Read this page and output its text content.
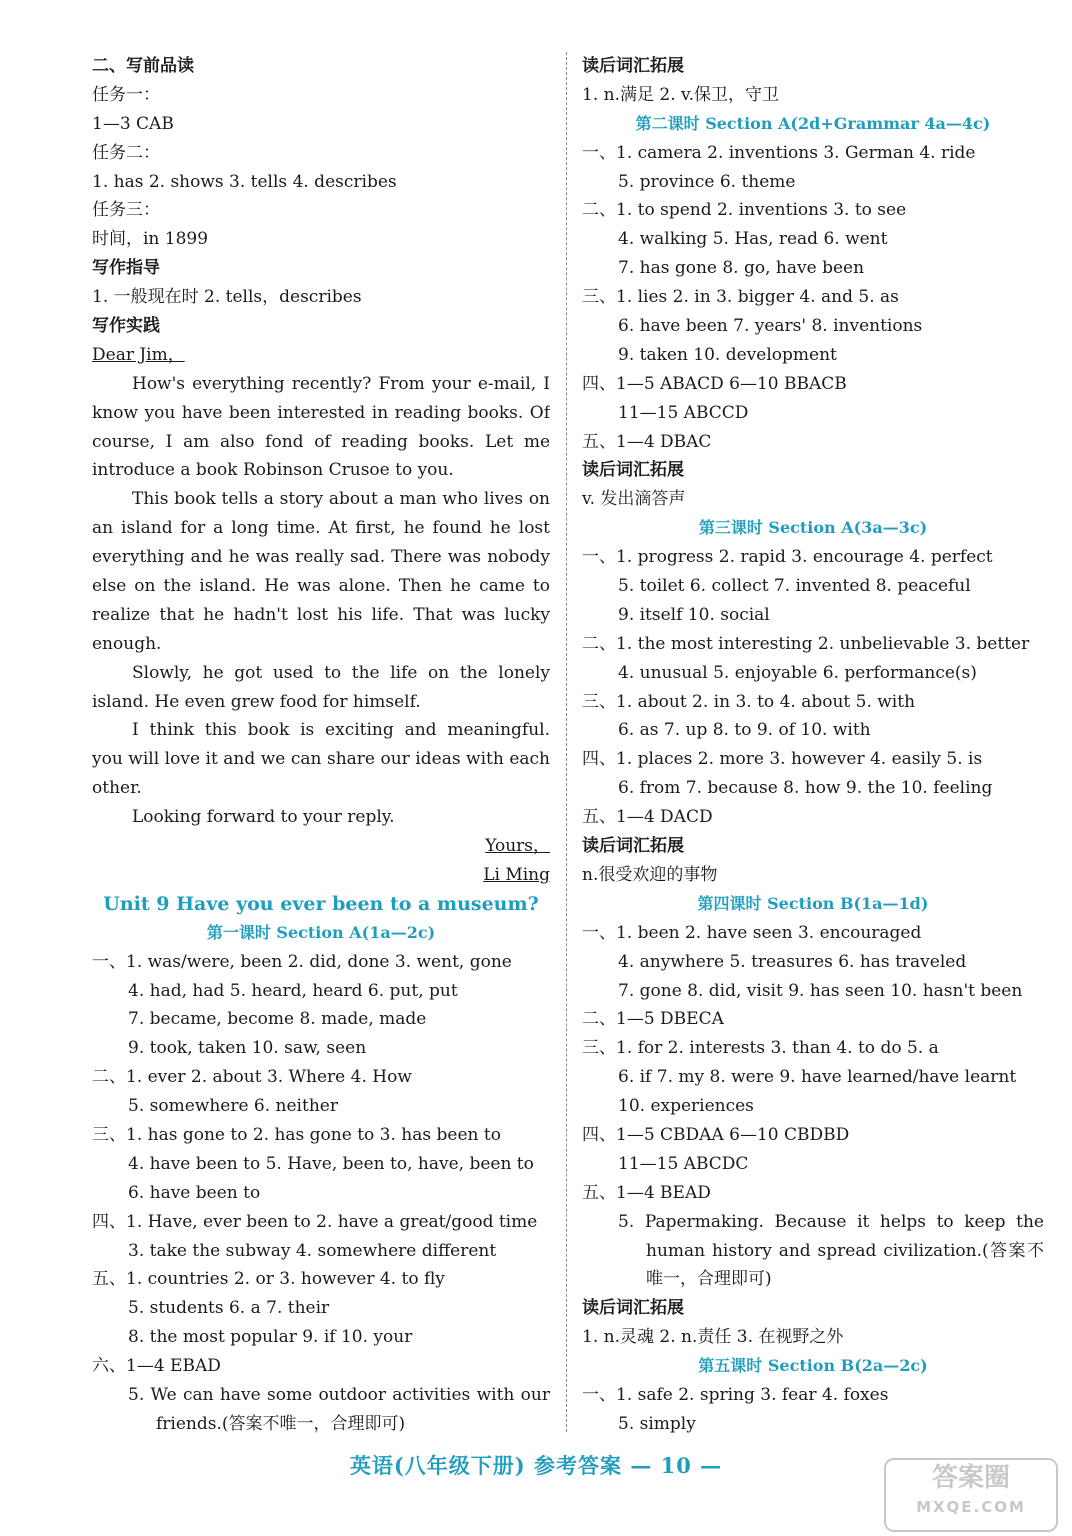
二、写前品读
任务一：
1—3 CAB
任务二：
1. has 2. shows 3. tells 4. describes
任务三：
时间，in 1899
写作指导
1. 一般现在时 2. tells，describes
写作实践
Dear Jim，
How's everything recently? From your e-mail, I
know you have been interested in reading books. Of
course, I am also fond of reading books. Let me
introduce a book Robinson Crusoe to you.
This book tells a story about a man who lives on
an island for a long time. At first, he found he lost
everything and he was really sad. There was nobody
else on the island. He was alone. Then he came to
realize that he hadn't lost his life. That was lucky
enough.
Slowly, he got used to the life on the lonely
island. He even grew food for himself.
I think this book is exciting and meaningful.
you will love it and we can share our ideas with each
other.
Looking forward to your reply.
Yours，
Li Ming
Unit 9 Have you ever been to a museum?
第一课时 Section A(1a—2c)
一、1. was/were, been 2. did, done 3. went, gone
4. had, had 5. heard, heard 6. put, put
7. became, become 8. made, made
9. took, taken 10. saw, seen
二、1. ever 2. about 3. Where 4. How
5. somewhere 6. neither
三、1. has gone to 2. has gone to 3. has been to
4. have been to 5. Have, been to, have, been to
6. have been to
四、1. Have, ever been to 2. have a great/good time
3. take the subway 4. somewhere different
五、1. countries 2. or 3. however 4. to fly
5. students 6. a 7. their
8. the most popular 9. if 10. your
六、1—4 EBAD
5. We can have some outdoor activities with our
friends.(答案不唯一，合理即可)
读后词汇拓展
1. n.满足 2. v.保卫，守卫
第二课时 Section A(2d+Grammar 4a—4c)
一、1. camera 2. inventions 3. German 4. ride
5. province 6. theme
二、1. to spend 2. inventions 3. to see
4. walking 5. Has, read 6. went
7. has gone 8. go, have been
三、1. lies 2. in 3. bigger 4. and 5. as
6. have been 7. years' 8. inventions
9. taken 10. development
四、1—5 ABACD 6—10 BBACB
11—15 ABCCD
五、1—4 DBAC
读后词汇拓展
v. 发出滴答声
第三课时 Section A(3a—3c)
一、1. progress 2. rapid 3. encourage 4. perfect
5. toilet 6. collect 7. invented 8. peaceful
9. itself 10. social
二、1. the most interesting 2. unbelievable 3. better
4. unusual 5. enjoyable 6. performance(s)
三、1. about 2. in 3. to 4. about 5. with
6. as 7. up 8. to 9. of 10. with
四、1. places 2. more 3. however 4. easily 5. is
6. from 7. because 8. how 9. the 10. feeling
五、1—4 DACD
读后词汇拓展
n.很受欢迎的事物
第四课时 Section B(1a—1d)
一、1. been 2. have seen 3. encouraged
4. anywhere 5. treasures 6. has traveled
7. gone 8. did, visit 9. has seen 10. hasn't been
二、1—5 DBECA
三、1. for 2. interests 3. than 4. to do 5. a
6. if 7. my 8. were 9. have learned/have learnt
10. experiences
四、1—5 CBDAA 6—10 CBDBD
11—15 ABCDC
五、1—4 BEAD
5. Papermaking. Because it helps to keep the
human history and spread civilization.(答案不
唯一，合理即可)
读后词汇拓展
1. n.灵魂 2. n.责任 3. 在视野之外
第五课时 Section B(2a—2c)
一、1. safe 2. spring 3. fear 4. foxes
5. simply
英语(八年级下册) 参考答案 — 10 —	答案圈
MXQE.COM
